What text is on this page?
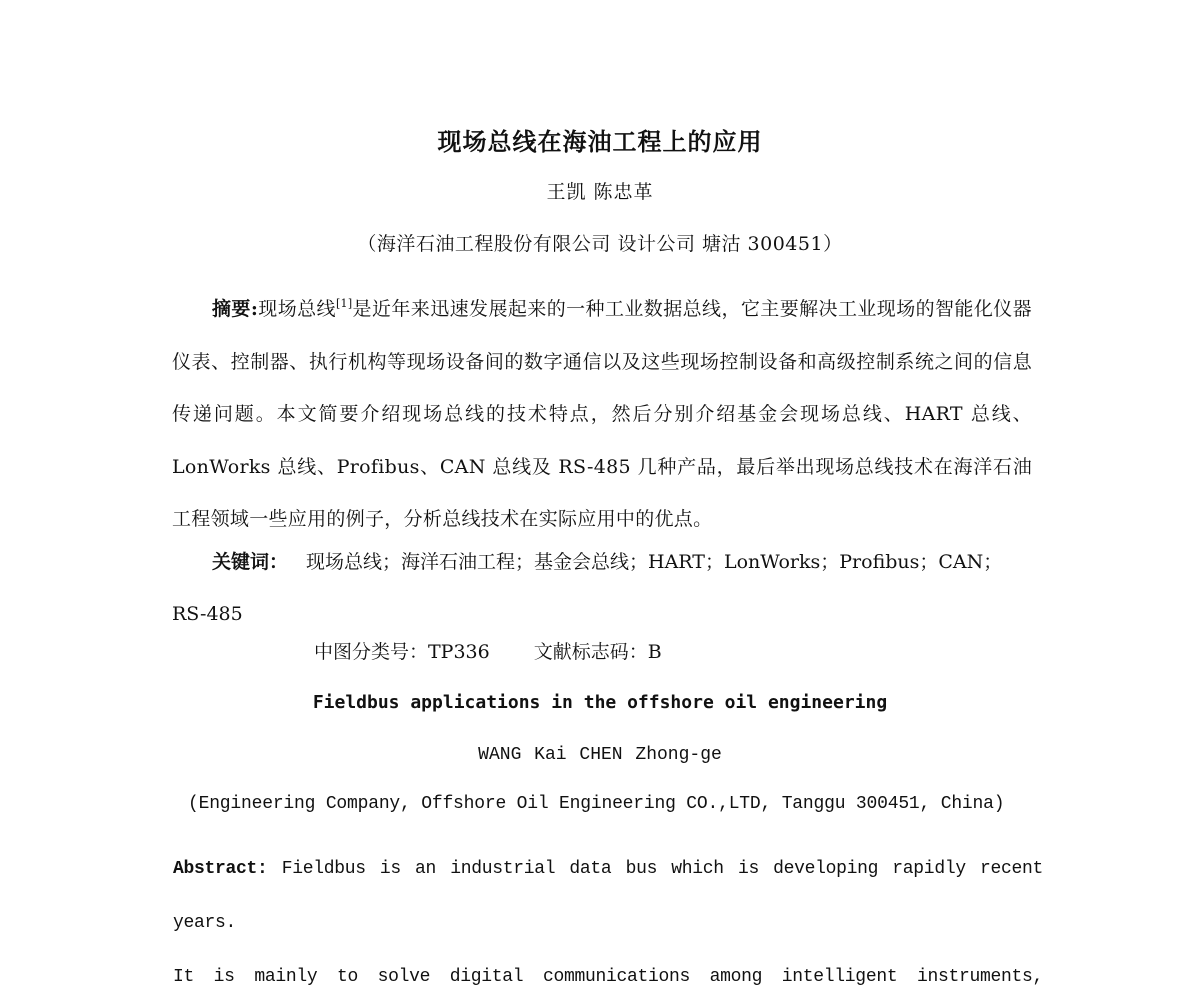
现场总线在海油工程上的应用
王凯 陈忠革
（海洋石油工程股份有限公司 设计公司 塘沽 300451）
摘要:现场总线[1]是近年来迅速发展起来的一种工业数据总线，它主要解决工业现场的智能化仪器仪表、控制器、执行机构等现场设备间的数字通信以及这些现场控制设备和高级控制系统之间的信息传递问题。本文简要介绍现场总线的技术特点，然后分别介绍基金会现场总线、HART 总线、LonWorks 总线、Profibus、CAN 总线及 RS-485 几种产品，最后举出现场总线技术在海洋石油工程领域一些应用的例子，分析总线技术在实际应用中的优点。
关键词： 现场总线；海洋石油工程；基金会总线；HART；LonWorks；Profibus；CAN；RS-485
中图分类号：TP336 文献标志码：B
Fieldbus applications in the offshore oil engineering
WANG Kai CHEN Zhong-ge
(Engineering Company, Offshore Oil Engineering CO.,LTD, Tanggu 300451, China)
Abstract: Fieldbus is an industrial data bus which is developing rapidly recent years.
It is mainly to solve digital communications among intelligent instruments,
